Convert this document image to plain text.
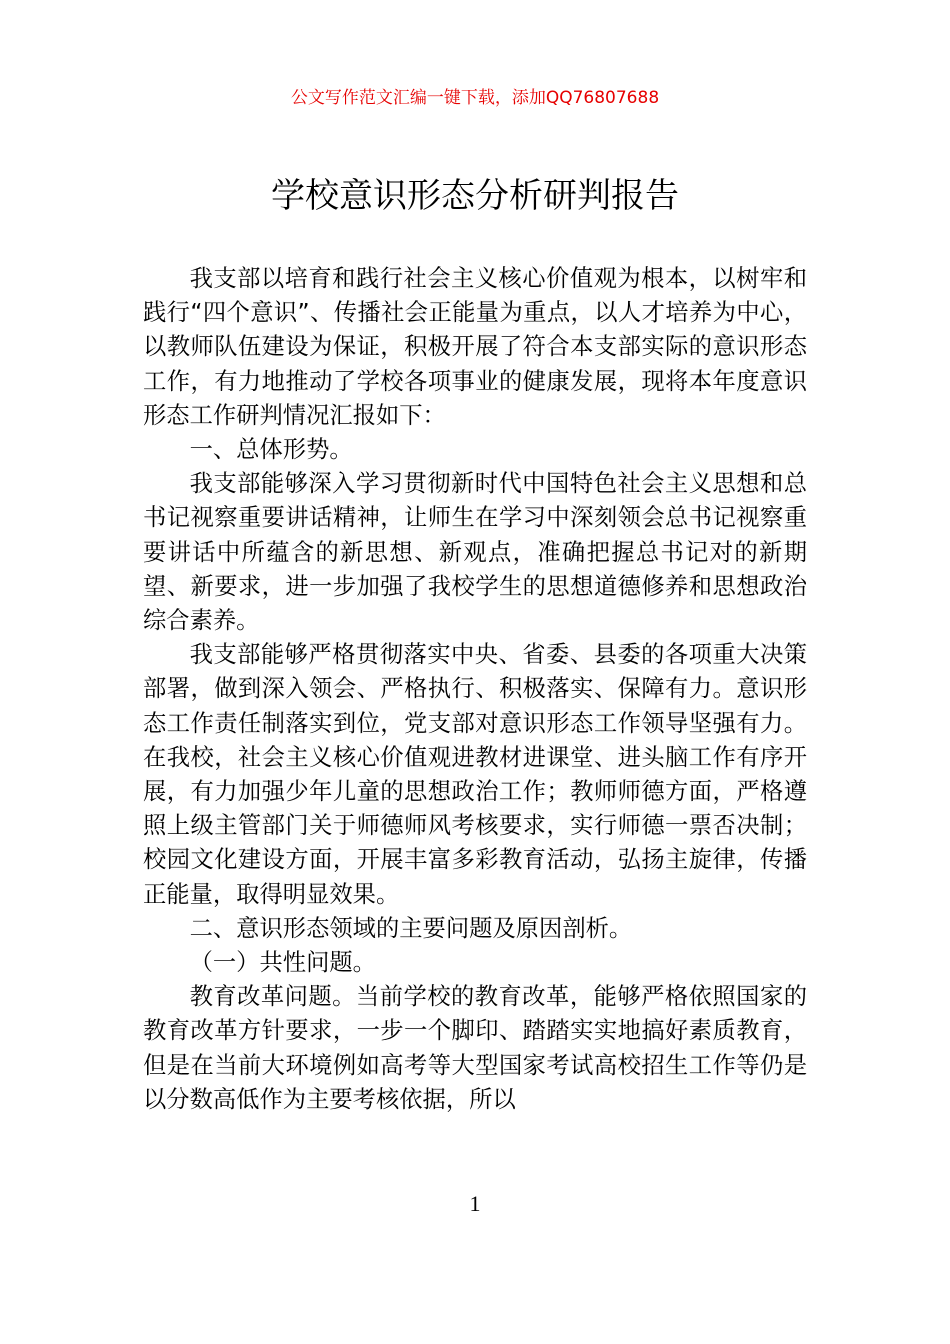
公文写作范文汇编一键下载，添加QQ76807688
学校意识形态分析研判报告

我支部以培育和践行社会主义核心价值观为根本，以树牢和践行“四个意识”、传播社会正能量为重点，以人才培养为中心，以教师队伍建设为保证，积极开展了符合本支部实际的意识形态工作，有力地推动了学校各项事业的健康发展，现将本年度意识形态工作研判情况汇报如下：

一、总体形势。

我支部能够深入学习贯彻新时代中国特色社会主义思想和总书记视察重要讲话精神，让师生在学习中深刻领会总书记视察重要讲话中所蕴含的新思想、新观点，准确把握总书记对的新期望、新要求，进一步加强了我校学生的思想道德修养和思想政治综合素养。

我支部能够严格贯彻落实中央、省委、县委的各项重大决策部署，做到深入领会、严格执行、积极落实、保障有力。意识形态工作责任制落实到位，党支部对意识形态工作领导坚强有力。在我校，社会主义核心价值观进教材进课堂、进头脑工作有序开展，有力加强少年儿童的思想政治工作；教师师德方面，严格遵照上级主管部门关于师德师风考核要求，实行师德一票否决制；校园文化建设方面，开展丰富多彩教育活动，弘扬主旋律，传播正能量，取得明显效果。

二、意识形态领域的主要问题及原因剖析。

（一）共性问题。

教育改革问题。当前学校的教育改革，能够严格依照国家的教育改革方针要求，一步一个脚印、踏踏实实地搞好素质教育，但是在当前大环境例如高考等大型国家考试高校招生工作等仍是以分数高低作为主要考核依据，所以

1
